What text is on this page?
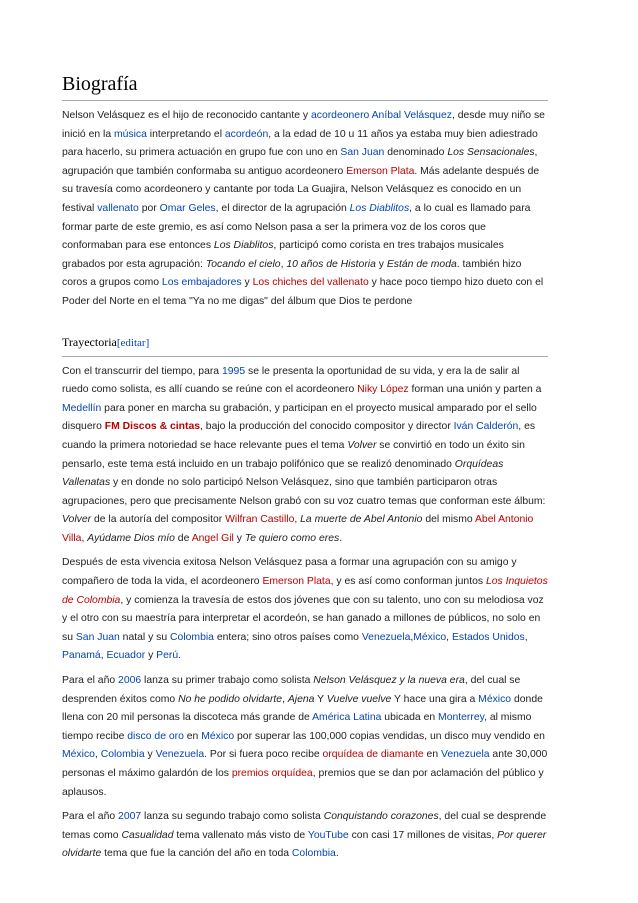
Biografía

Nelson Velásquez es el hijo de reconocido cantante y acordeonero Aníbal Velásquez, desde muy niño se inició en la música interpretando el acordeón, a la edad de 10 u 11 años ya estaba muy bien adiestrado para hacerlo, su primera actuación en grupo fue con uno en San Juan denominado Los Sensacionales, agrupación que también conformaba su antiguo acordeonero Emerson Plata. Más adelante después de su travesía como acordeonero y cantante por toda La Guajira, Nelson Velásquez es conocido en un festival vallenato por Omar Geles, el director de la agrupación Los Diablitos, a lo cual es llamado para formar parte de este gremio, es así como Nelson pasa a ser la primera voz de los coros que conformaban para ese entonces Los Diablitos, participó como corista en tres trabajos musicales grabados por esta agrupación: Tocando el cielo, 10 años de Historia y Están de moda. también hizo coros a grupos como Los embajadores y Los chiches del vallenato y hace poco tiempo hizo dueto con el Poder del Norte en el tema "Ya no me digas" del álbum que Dios te perdone

Trayectoria[editar]

Con el transcurrir del tiempo, para 1995 se le presenta la oportunidad de su vida, y era la de salir al ruedo como solista, es allí cuando se reúne con el acordeonero Niky López forman una unión y parten a Medellín para poner en marcha su grabación, y participan en el proyecto musical amparado por el sello disquero FM Discos & cintas, bajo la producción del conocido compositor y director Iván Calderón, es cuando la primera notoriedad se hace relevante pues el tema Volver se convirtió en todo un éxito sin pensarlo, este tema está incluido en un trabajo polifónico que se realizó denominado Orquídeas Vallenatas y en donde no solo participó Nelson Velásquez, sino que también participaron otras agrupaciones, pero que precisamente Nelson grabó con su voz cuatro temas que conforman este álbum: Volver de la autoría del compositor Wilfran Castillo, La muerte de Abel Antonio del mismo Abel Antonio Villa, Ayúdame Dios mío de Angel Gil y Te quiero como eres.

Después de esta vivencia exitosa Nelson Velásquez pasa a formar una agrupación con su amigo y compañero de toda la vida, el acordeonero Emerson Plata, y es así como conforman juntos Los Inquietos de Colombia, y comienza la travesía de estos dos jóvenes que con su talento, uno con su melodiosa voz y el otro con su maestría para interpretar el acordeón, se han ganado a millones de públicos, no solo en su San Juan natal y su Colombia entera; sino otros países como Venezuela,México, Estados Unidos, Panamá, Ecuador y Perú.

Para el año 2006 lanza su primer trabajo como solista Nelson Velásquez y la nueva era, del cual se desprenden éxitos como No he podido olvidarte, Ajena Y Vuelve vuelve Y hace una gira a México donde llena con 20 mil personas la discoteca más grande de América Latina ubicada en Monterrey, al mismo tiempo recibe disco de oro en México por superar las 100,000 copias vendidas, un disco muy vendido en México, Colombia y Venezuela. Por si fuera poco recibe orquídea de diamante en Venezuela ante 30,000 personas el máximo galardón de los premios orquídea, premios que se dan por aclamación del público y aplausos.

Para el año 2007 lanza su segundo trabajo como solista Conquistando corazones, del cual se desprende temas como Casualidad tema vallenato más visto de YouTube con casi 17 millones de visitas, Por querer olvidarte tema que fue la canción del año en toda Colombia.
